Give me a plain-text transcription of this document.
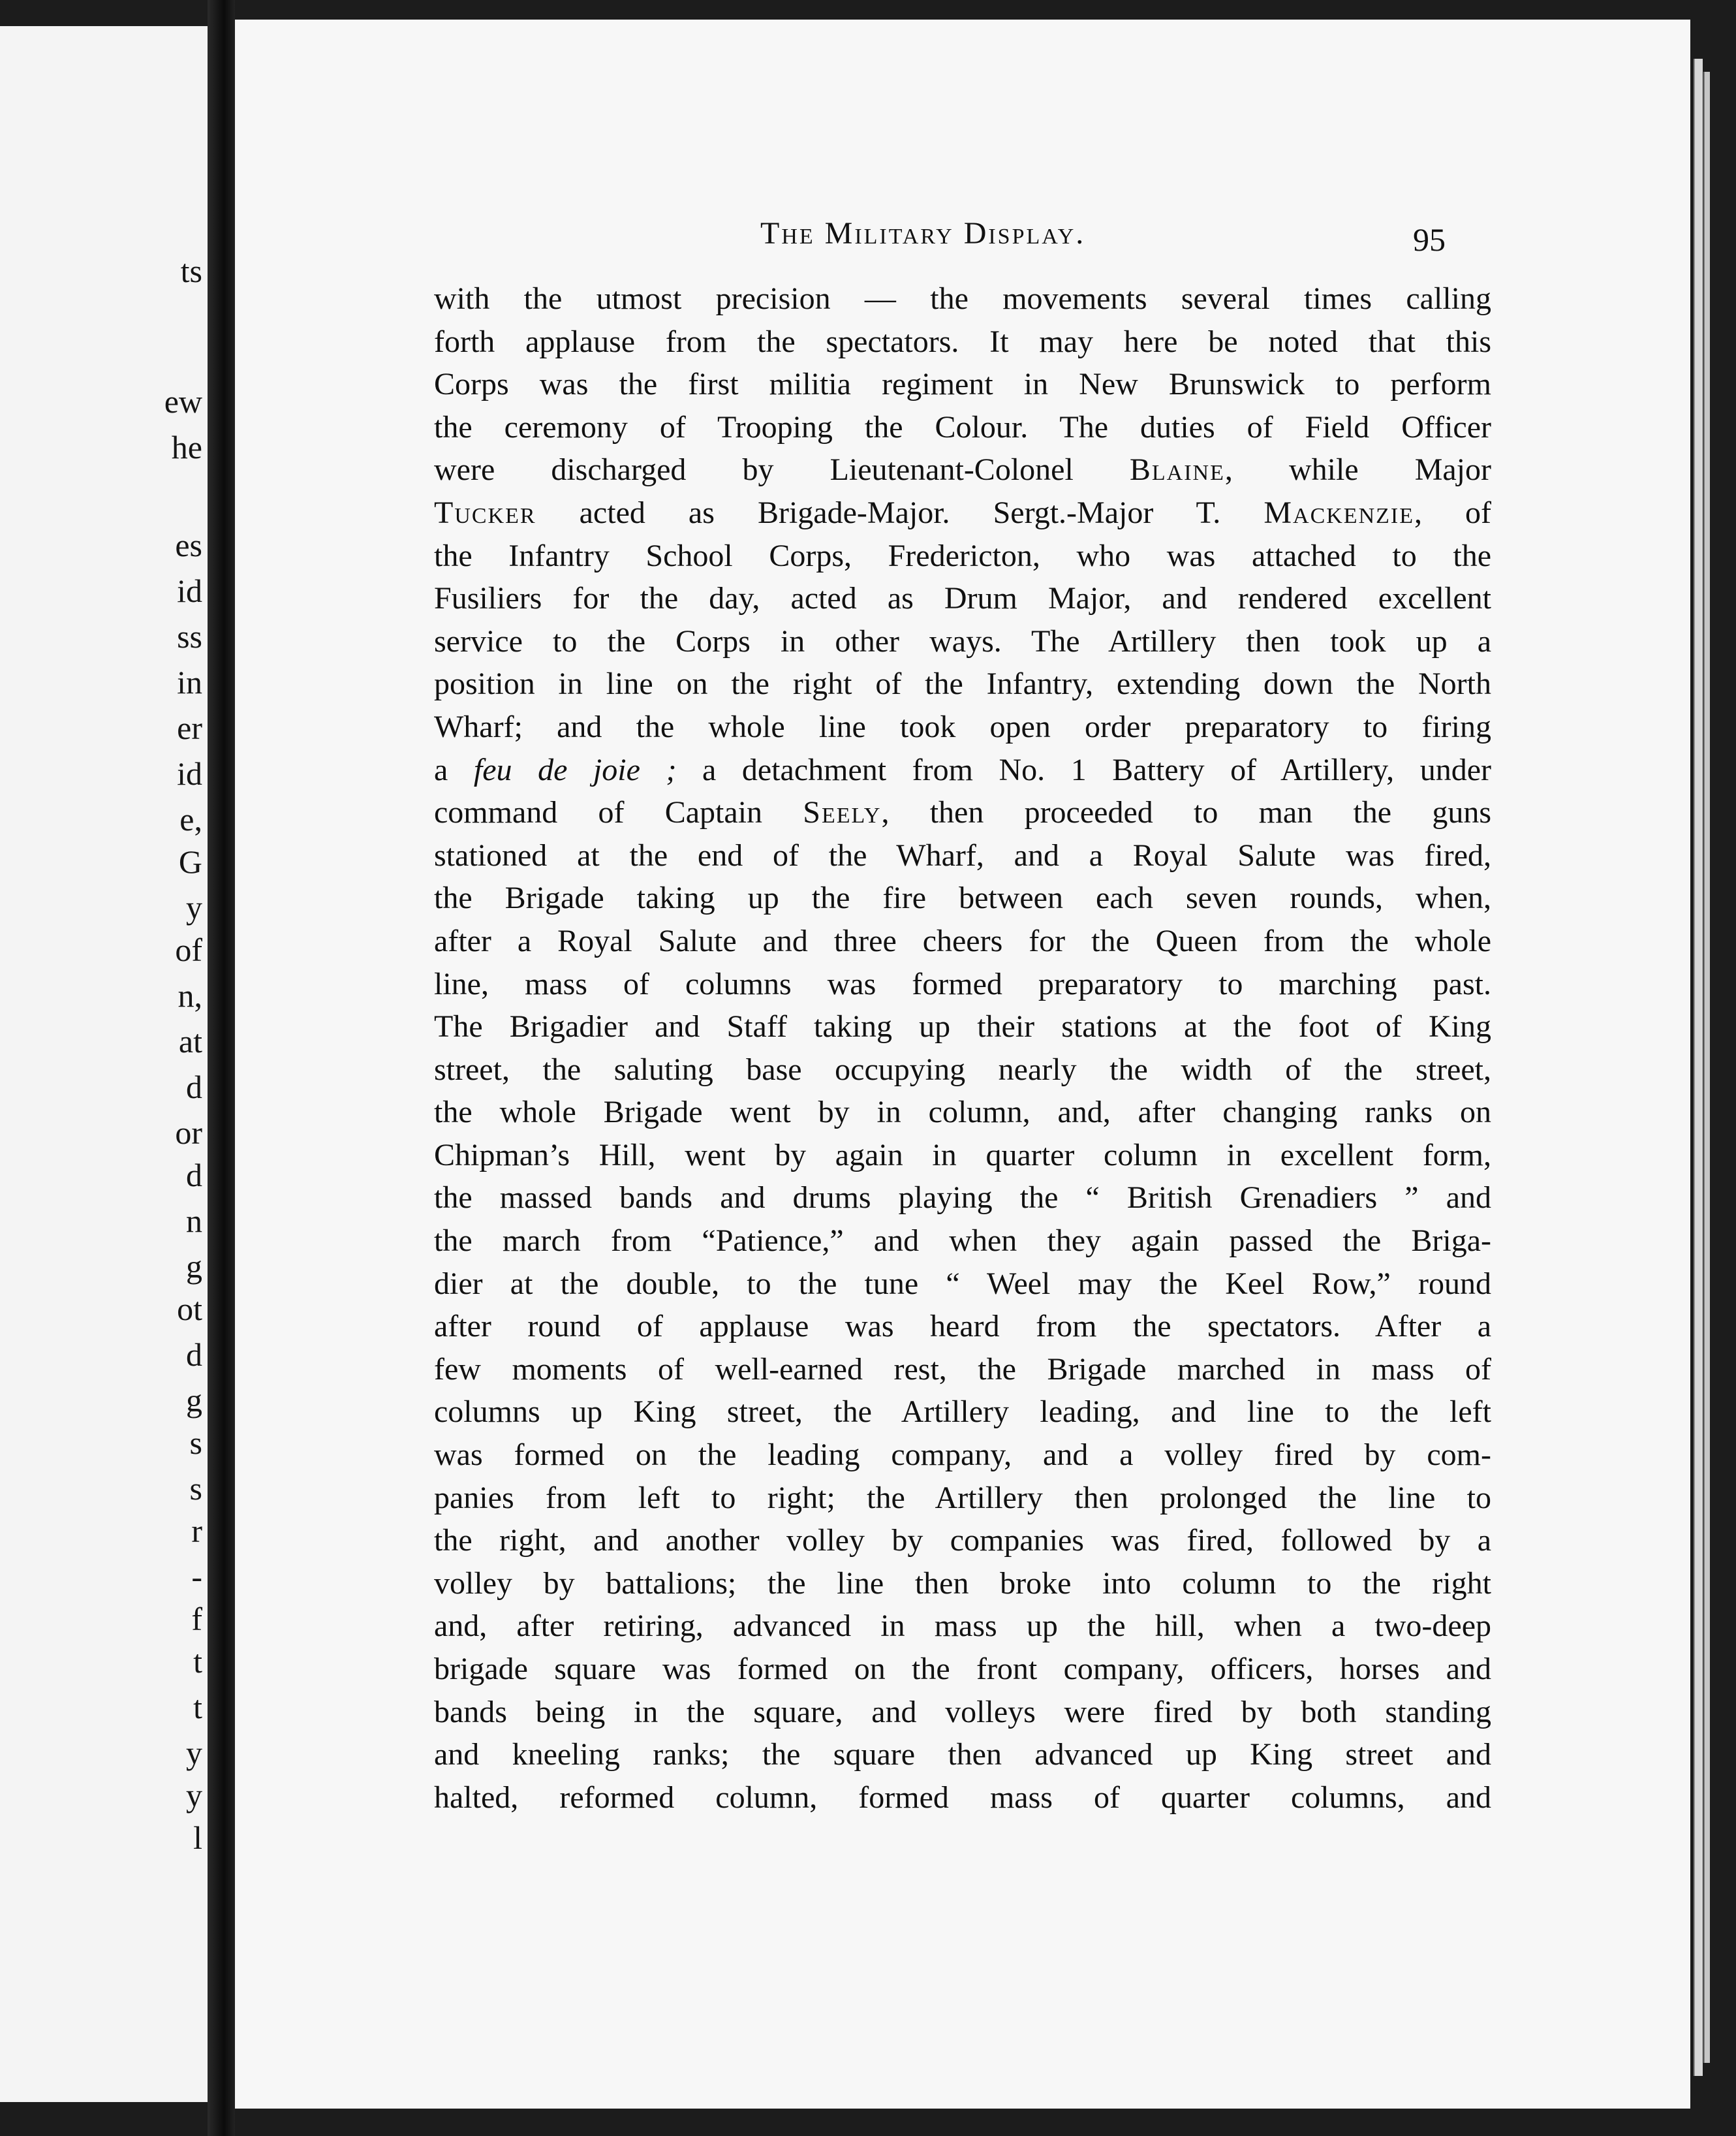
ts
ew
he
es
id
ss
in
er
id
e,
G
y
of
n,
at
d
or
d
n
g
ot
d
g
s
s
r
-
f
t
t
y
y
l
The Military Display.	95
with the utmost precision — the movements several times calling
forth applause from the spectators. It may here be noted that this
Corps was the first militia regiment in New Brunswick to perform
the ceremony of Trooping the Colour. The duties of Field Officer
were discharged by Lieutenant-Colonel Blaine, while Major
Tucker acted as Brigade-Major. Sergt.-Major T. Mackenzie, of
the Infantry School Corps, Fredericton, who was attached to the
Fusiliers for the day, acted as Drum Major, and rendered excellent
service to the Corps in other ways. The Artillery then took up a
position in line on the right of the Infantry, extending down the North
Wharf; and the whole line took open order preparatory to firing
a feu de joie ; a detachment from No. 1 Battery of Artillery, under
command of Captain Seely, then proceeded to man the guns
stationed at the end of the Wharf, and a Royal Salute was fired,
the Brigade taking up the fire between each seven rounds, when,
after a Royal Salute and three cheers for the Queen from the whole
line, mass of columns was formed preparatory to marching past.
The Brigadier and Staff taking up their stations at the foot of King
street, the saluting base occupying nearly the width of the street,
the whole Brigade went by in column, and, after changing ranks on
Chipman’s Hill, went by again in quarter column in excellent form,
the massed bands and drums playing the “ British Grenadiers ” and
the march from “Patience,” and when they again passed the Briga-
dier at the double, to the tune “ Weel may the Keel Row,” round
after round of applause was heard from the spectators. After a
few moments of well-earned rest, the Brigade marched in mass of
columns up King street, the Artillery leading, and line to the left
was formed on the leading company, and a volley fired by com-
panies from left to right; the Artillery then prolonged the line to
the right, and another volley by companies was fired, followed by a
volley by battalions; the line then broke into column to the right
and, after retiring, advanced in mass up the hill, when a two-deep
brigade square was formed on the front company, officers, horses and
bands being in the square, and volleys were fired by both standing
and kneeling ranks; the square then advanced up King street and
halted, reformed column, formed mass of quarter columns, and
